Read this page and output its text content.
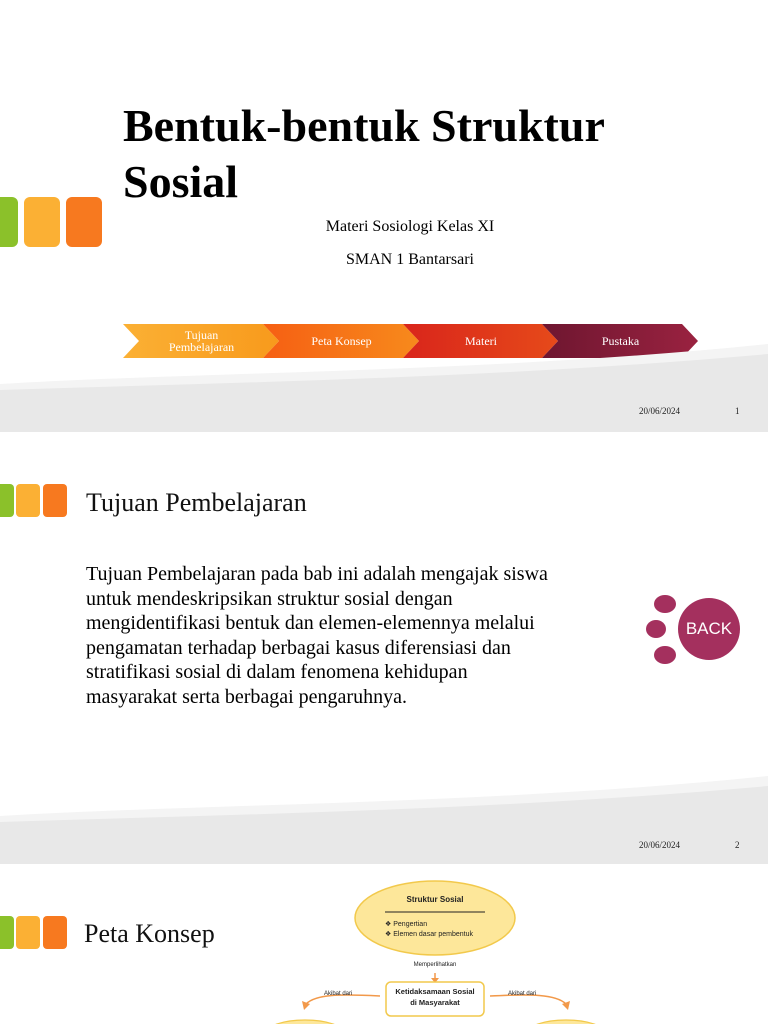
Bentuk-bentuk Struktur
Sosial
Materi Sosiologi Kelas XI
SMAN 1 Bantarsari
Tujuan
Pembelajaran	Peta Konsep	Materi	Pustaka
20/06/2024	1
Tujuan Pembelajaran
Tujuan Pembelajaran pada bab ini adalah mengajak siswa
untuk mendeskripsikan struktur sosial dengan
mengidentifikasi bentuk dan elemen-elemennya melalui
pengamatan terhadap berbagai kasus diferensiasi dan
stratifikasi sosial di dalam fenomena kehidupan
masyarakat serta berbagai pengaruhnya.
BACK
20/06/2024	2
Peta Konsep
Struktur Sosial
❖ Pengertian
❖ Elemen dasar pembentuk
Memperlihatkan
Ketidaksamaan Sosial
di Masyarakat
Akibat dari	Akibat dari
